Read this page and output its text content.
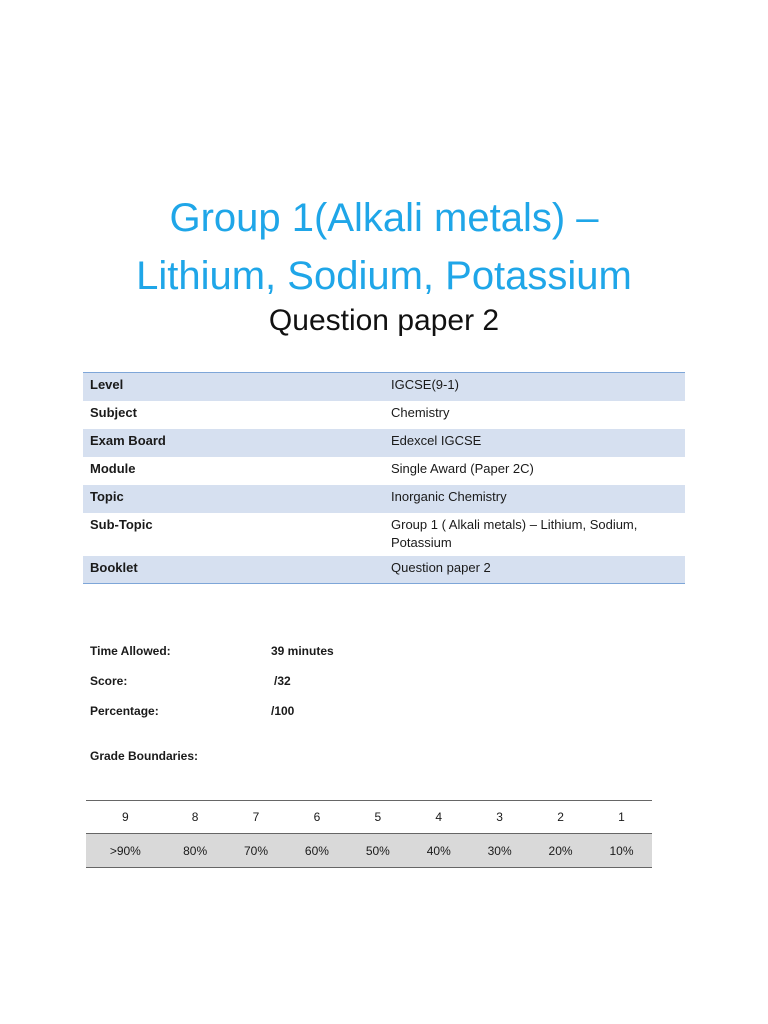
Group 1(Alkali metals) –
Lithium, Sodium, Potassium
Question paper 2
Level	IGCSE(9-1)
Subject	Chemistry
Exam Board	Edexcel IGCSE
Module	Single Award (Paper 2C)
Topic	Inorganic Chemistry
Sub-Topic	Group 1 ( Alkali metals) – Lithium, Sodium, Potassium
Booklet	Question paper 2
Time Allowed:	39 minutes
Score:	/32
Percentage:	/100
Grade Boundaries:
9	8	7	6	5	4	3	2	1
>90%	80%	70%	60%	50%	40%	30%	20%	10%
